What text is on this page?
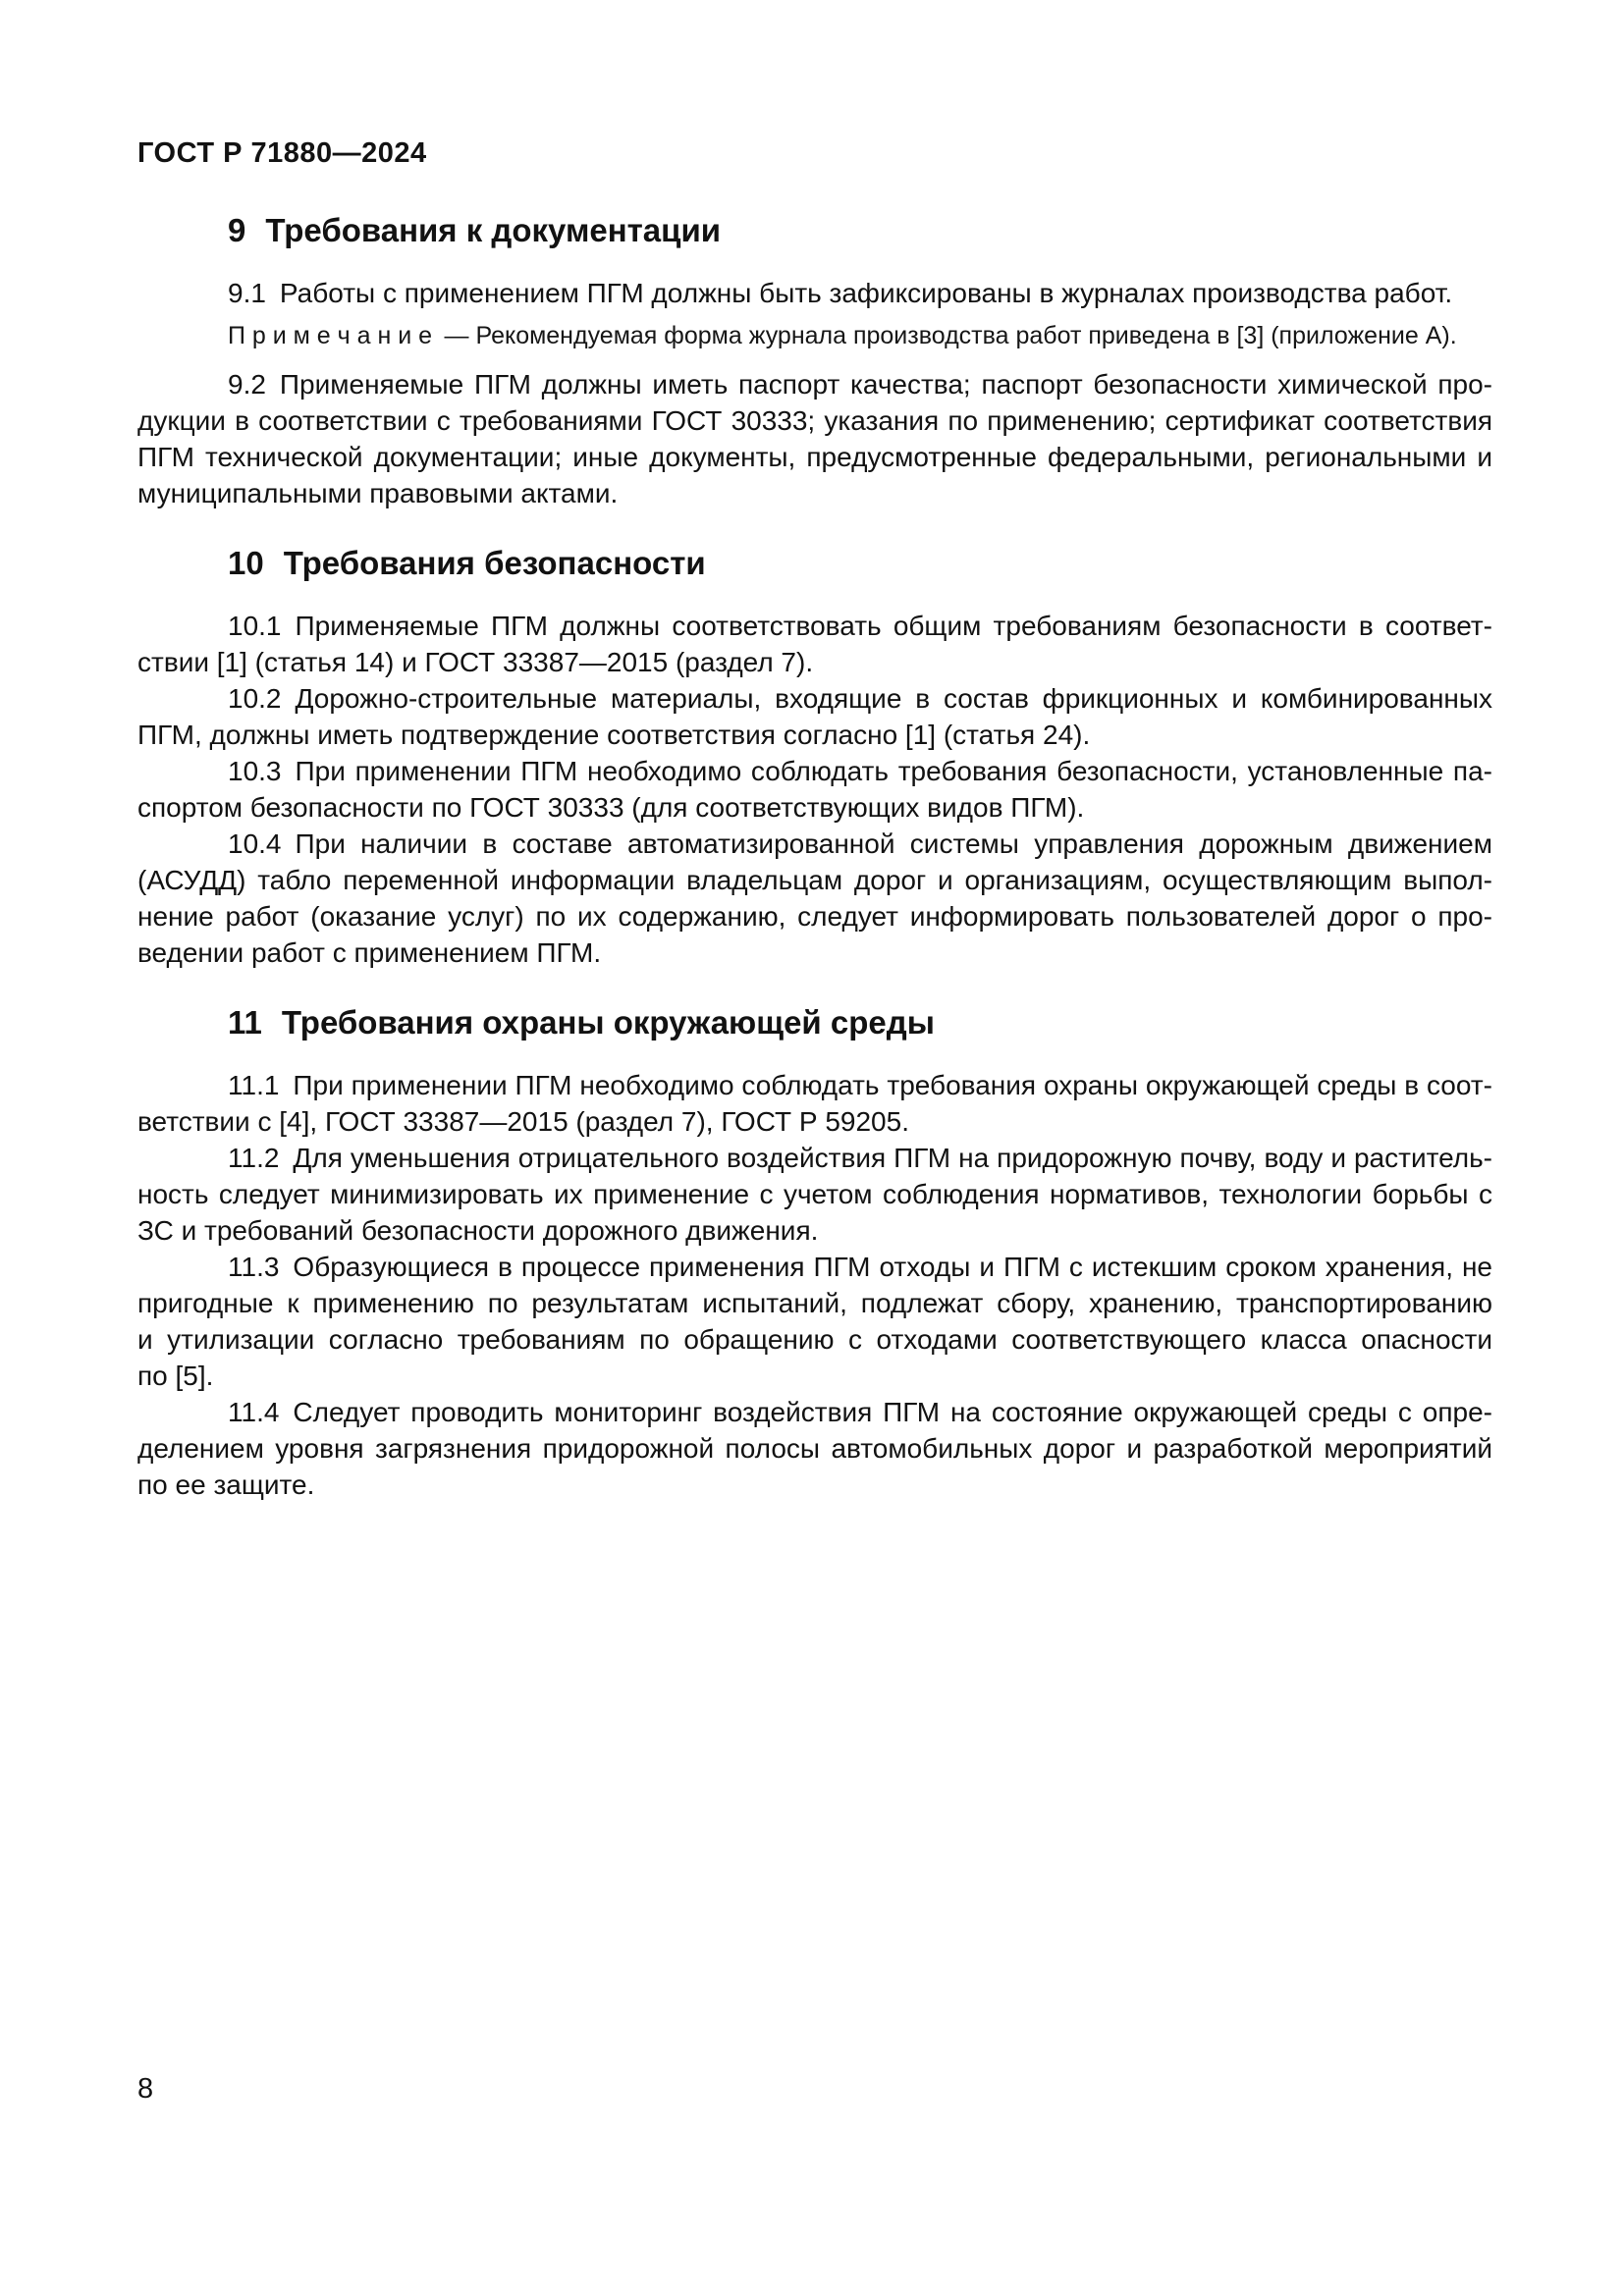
ГОСТ Р 71880—2024
9 Требования к документации
9.1 Работы с применением ПГМ должны быть зафиксированы в журналах производства работ.
П р и м е ч а н и е — Рекомендуемая форма журнала производства работ приведена в [3] (приложение А).
9.2 Применяемые ПГМ должны иметь паспорт качества; паспорт безопасности химической про-
дукции в соответствии с требованиями ГОСТ 30333; указания по применению; сертификат соответствия
ПГМ технической документации; иные документы, предусмотренные федеральными, региональными и
муниципальными правовыми актами.
10 Требования безопасности
10.1 Применяемые ПГМ должны соответствовать общим требованиям безопасности в соответ-
ствии [1] (статья 14) и ГОСТ 33387—2015 (раздел 7).
10.2 Дорожно-строительные материалы, входящие в состав фрикционных и комбинированных
ПГМ, должны иметь подтверждение соответствия согласно [1] (статья 24).
10.3 При применении ПГМ необходимо соблюдать требования безопасности, установленные па-
спортом безопасности по ГОСТ 30333 (для соответствующих видов ПГМ).
10.4 При наличии в составе автоматизированной системы управления дорожным движением
(АСУДД) табло переменной информации владельцам дорог и организациям, осуществляющим выпол-
нение работ (оказание услуг) по их содержанию, следует информировать пользователей дорог о про-
ведении работ с применением ПГМ.
11 Требования охраны окружающей среды
11.1 При применении ПГМ необходимо соблюдать требования охраны окружающей среды в соот-
ветствии с [4], ГОСТ 33387—2015 (раздел 7), ГОСТ Р 59205.
11.2 Для уменьшения отрицательного воздействия ПГМ на придорожную почву, воду и раститель-
ность следует минимизировать их применение с учетом соблюдения нормативов, технологии борьбы с
ЗС и требований безопасности дорожного движения.
11.3 Образующиеся в процессе применения ПГМ отходы и ПГМ с истекшим сроком хранения, не
пригодные к применению по результатам испытаний, подлежат сбору, хранению, транспортированию
и утилизации согласно требованиям по обращению с отходами соответствующего класса опасности
по [5].
11.4 Следует проводить мониторинг воздействия ПГМ на состояние окружающей среды с опре-
делением уровня загрязнения придорожной полосы автомобильных дорог и разработкой мероприятий
по ее защите.
8
